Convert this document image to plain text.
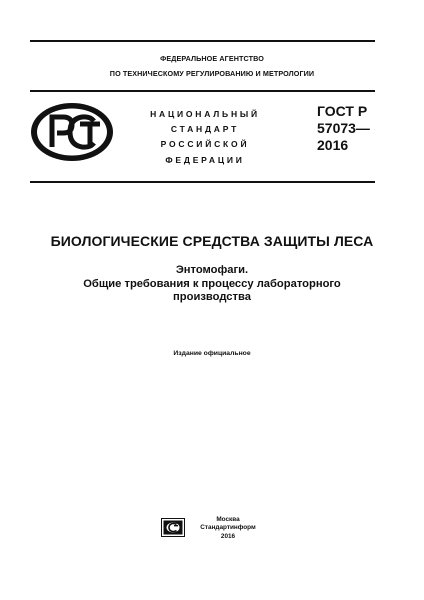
ФЕДЕРАЛЬНОЕ АГЕНТСТВО
ПО ТЕХНИЧЕСКОМУ РЕГУЛИРОВАНИЮ И МЕТРОЛОГИИ
НАЦИОНАЛЬНЫЙ
СТАНДАРТ
РОССИЙСКОЙ
ФЕДЕРАЦИИ
ГОСТ Р
57073—
2016
БИОЛОГИЧЕСКИЕ СРЕДСТВА ЗАЩИТЫ ЛЕСА
Энтомофаги.
Общие требования к процессу лабораторного
производства
Издание официальное
Москва
Стандартинформ
2016
